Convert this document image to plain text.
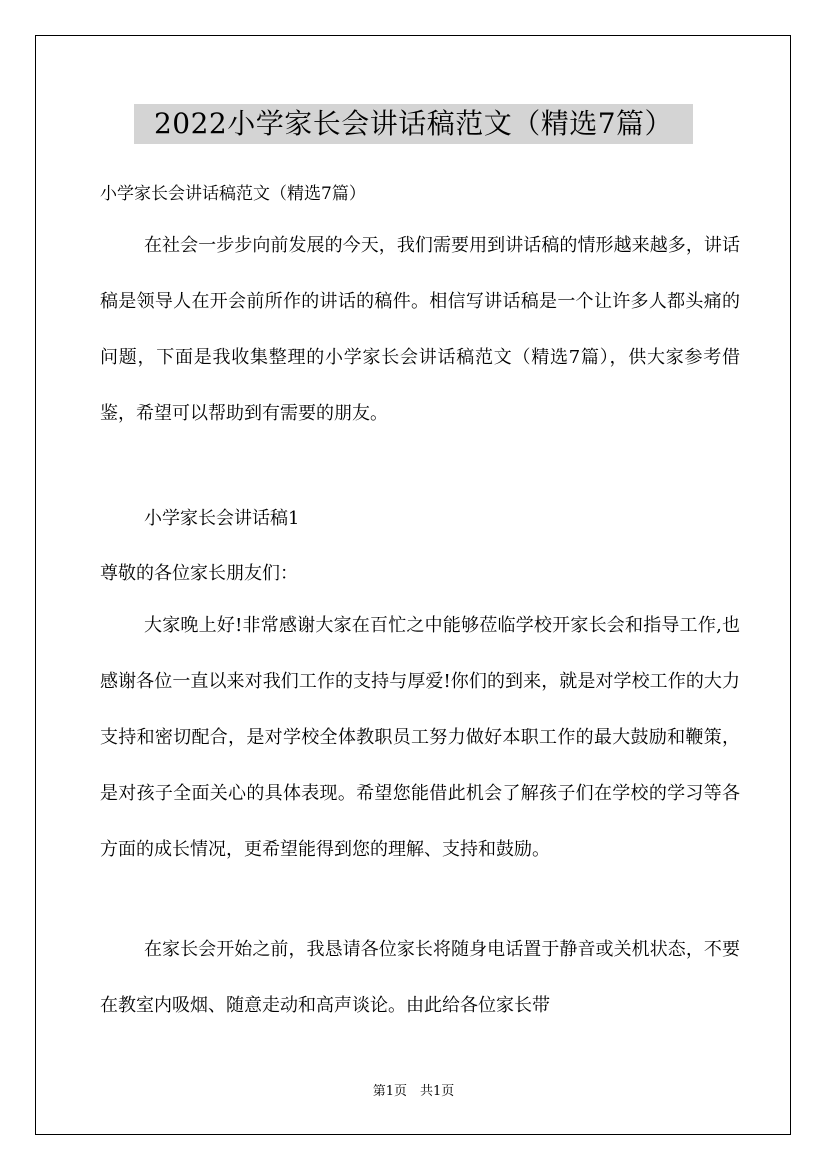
2022小学家长会讲话稿范文（精选7篇）
小学家长会讲话稿范文（精选7篇）

在社会一步步向前发展的今天，我们需要用到讲话稿的情形越来越多，讲话稿是领导人在开会前所作的讲话的稿件。相信写讲话稿是一个让许多人都头痛的问题，下面是我收集整理的小学家长会讲话稿范文（精选7篇），供大家参考借鉴，希望可以帮助到有需要的朋友。

小学家长会讲话稿1
尊敬的各位家长朋友们：

大家晚上好!非常感谢大家在百忙之中能够莅临学校开家长会和指导工作,也感谢各位一直以来对我们工作的支持与厚爱!你们的到来，就是对学校工作的大力支持和密切配合，是对学校全体教职员工努力做好本职工作的最大鼓励和鞭策，是对孩子全面关心的具体表现。希望您能借此机会了解孩子们在学校的学习等各方面的成长情况，更希望能得到您的理解、支持和鼓励。

在家长会开始之前，我恳请各位家长将随身电话置于静音或关机状态，不要在教室内吸烟、随意走动和高声谈论。由此给各位家长带

第1页　共1页
